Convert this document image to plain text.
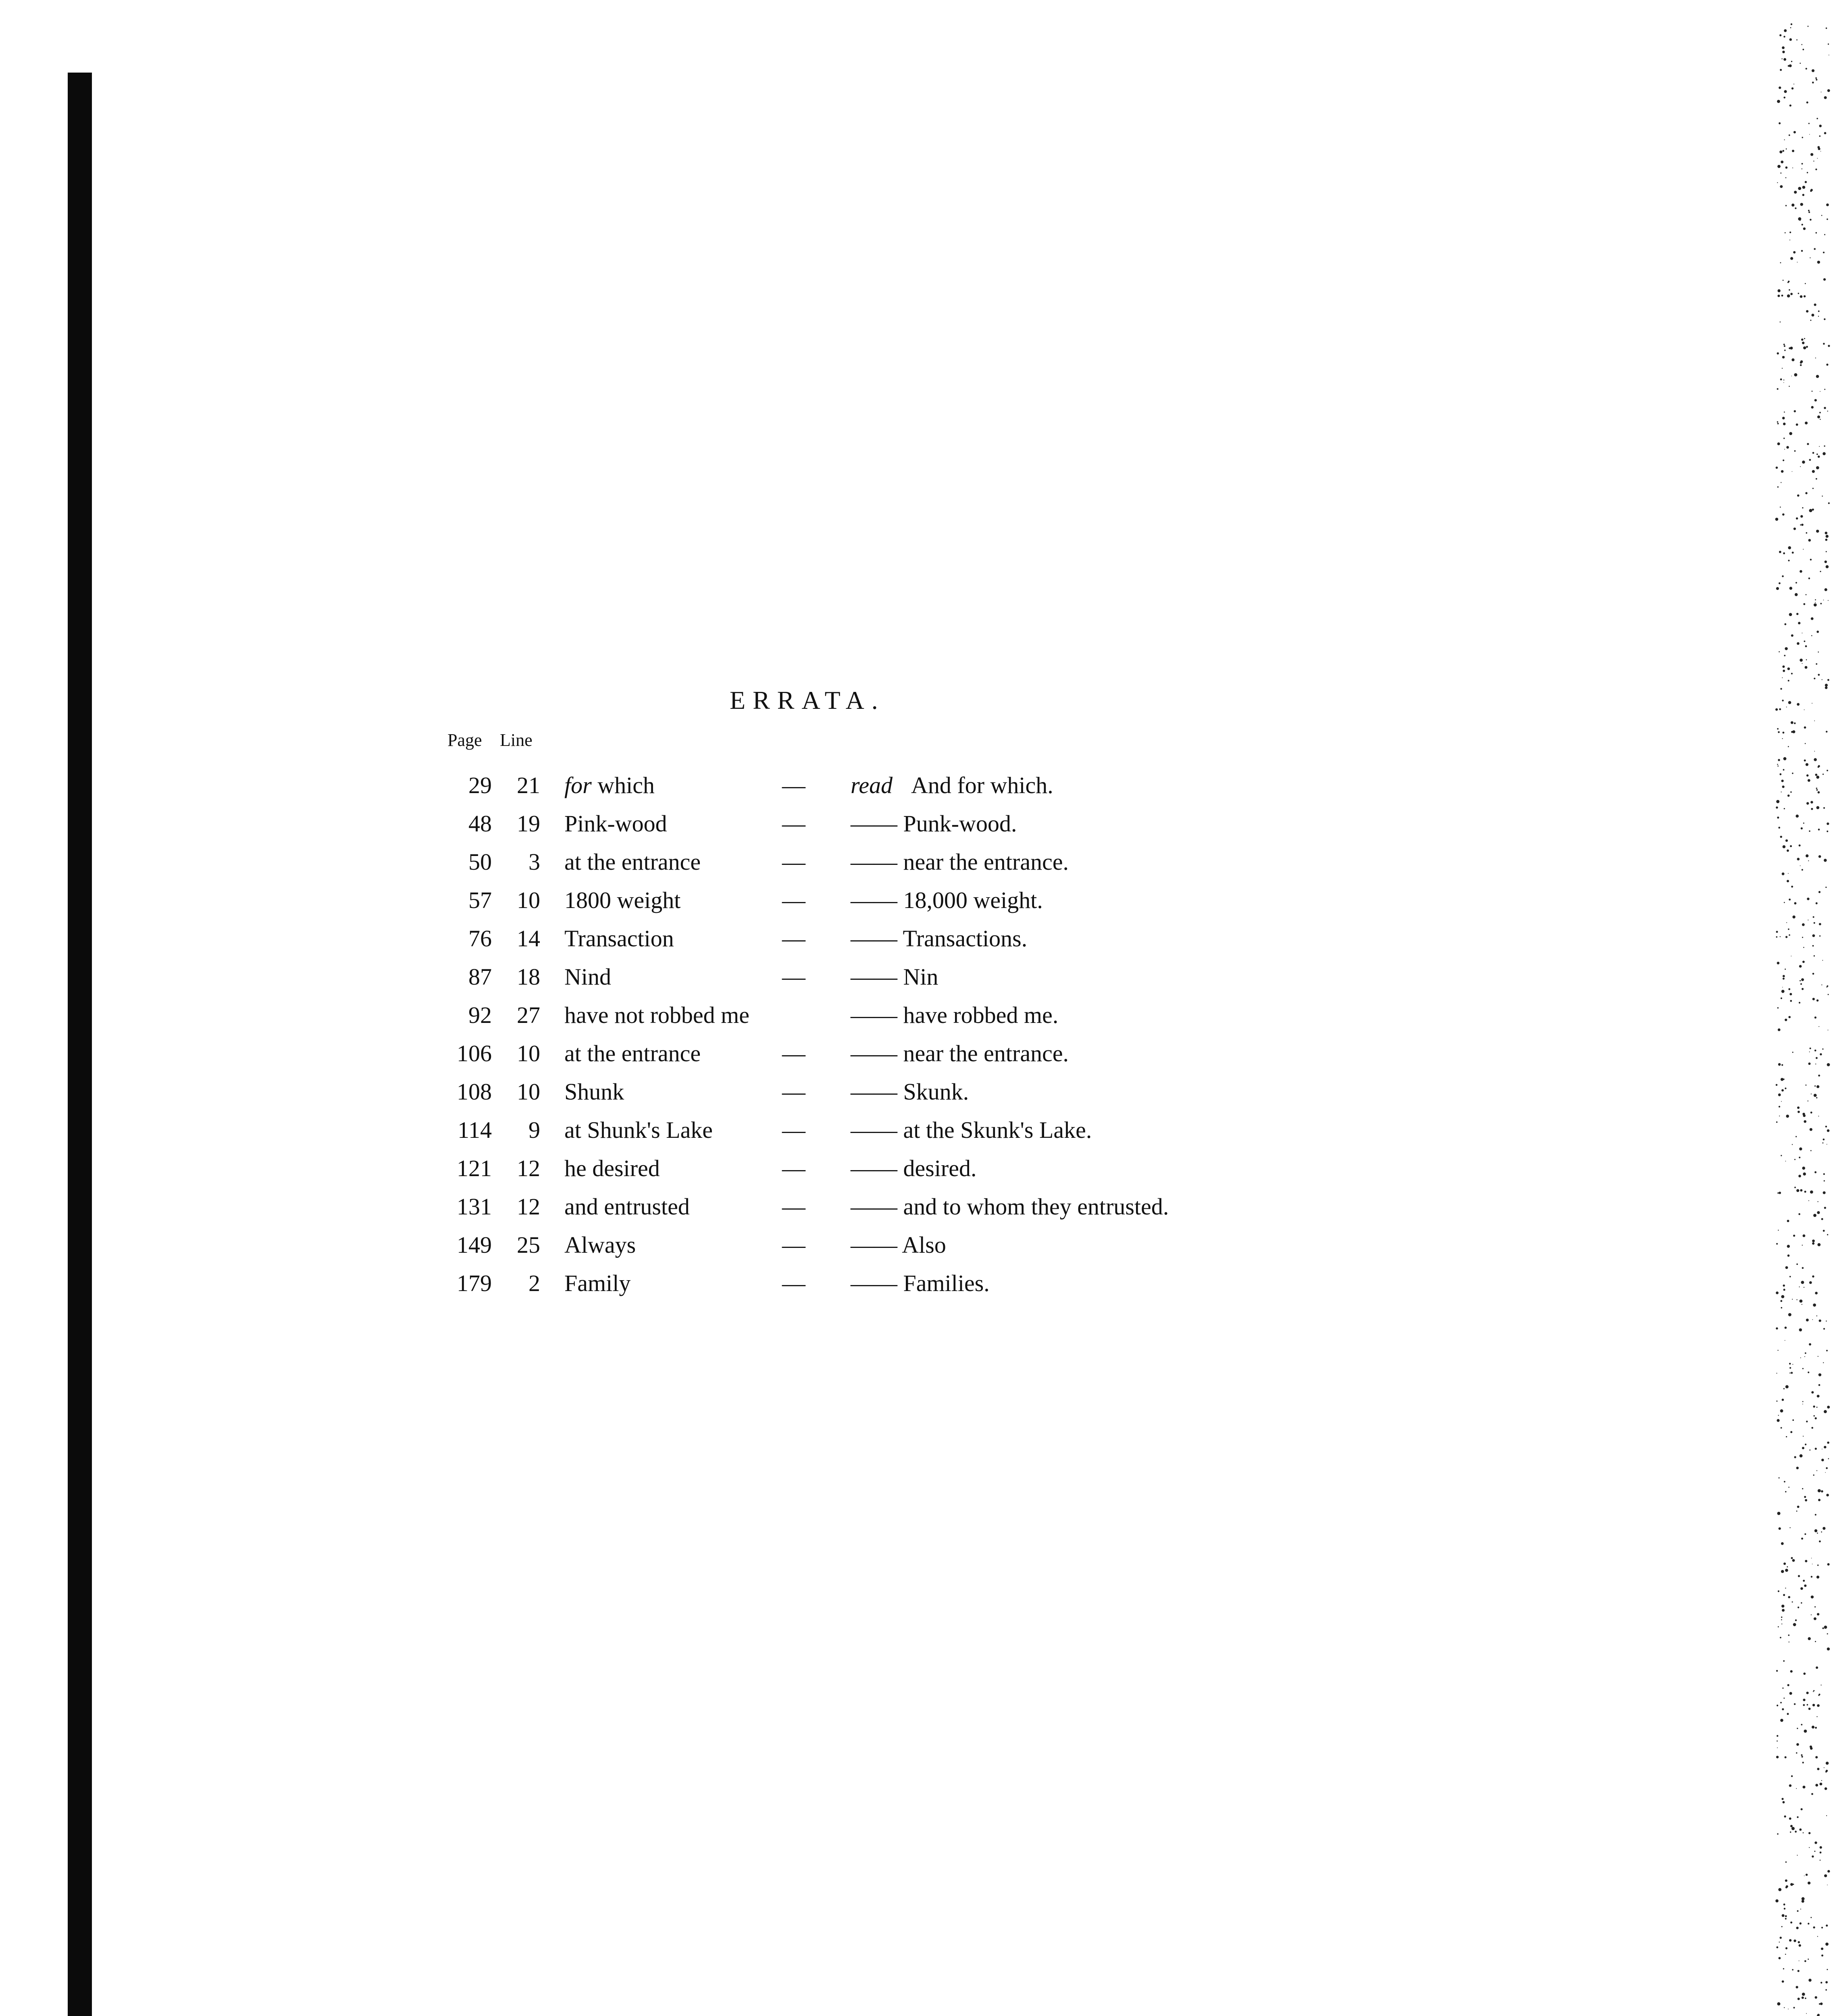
ERRATA.
Page Line
29	21 for which	— read And for which.
48	19 Pink-wood	— —— Punk-wood.
50	3 at the entrance	— —— near the entrance.
57	10 1800 weight	— —— 18,000 weight.
76	14 Transaction	— —— Transactions.
87	18 Nind	— —— Nin
92	27 have not robbed me	—— have robbed me.
106	10 at the entrance	— —— near the entrance.
108	10 Shunk	— —— Skunk.
114	9 at Shunk's Lake	— —— at the Skunk's Lake.
121	12 he desired	— —— desired.
131	12 and entrusted	— —— and to whom they entrusted.
149	25 Always	— —— Also
179	2 Family	— —— Families.
